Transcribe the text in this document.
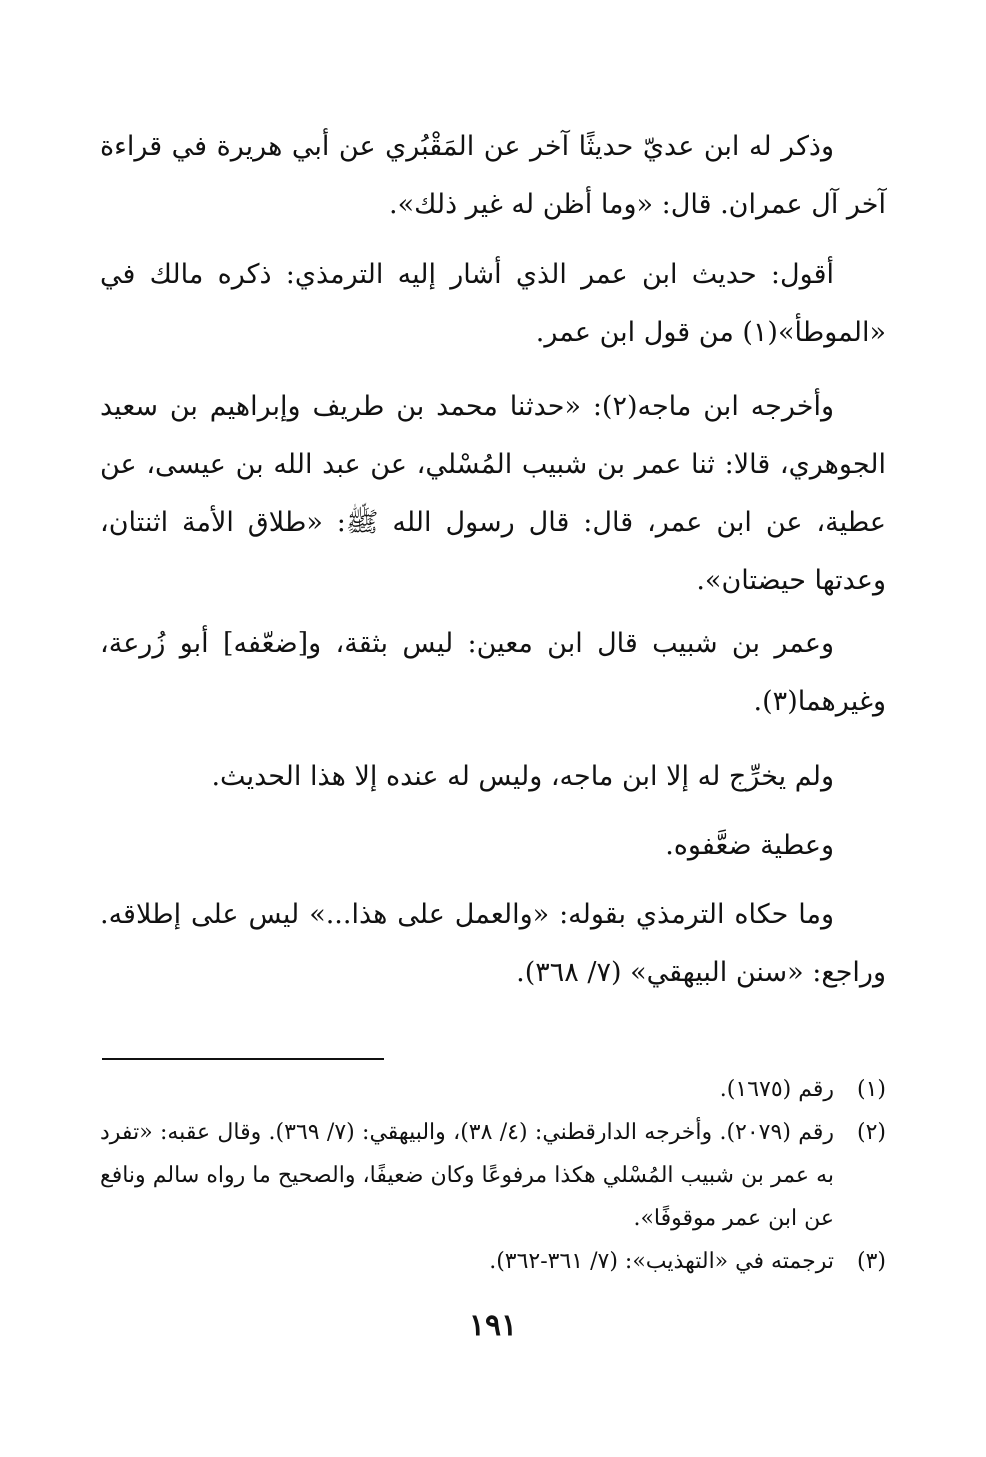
وذكر له ابن عديّ حديثًا آخر عن المَقْبُري عن أبي هريرة في قراءة آخر آل عمران. قال: «وما أظن له غير ذلك».

أقول: حديث ابن عمر الذي أشار إليه الترمذي: ذكره مالك في «الموطأ»(١) من قول ابن عمر.

وأخرجه ابن ماجه(٢): «حدثنا محمد بن طريف وإبراهيم بن سعيد الجوهري، قالا: ثنا عمر بن شبيب المُسْلي، عن عبد الله بن عيسى، عن عطية، عن ابن عمر، قال: قال رسول الله ﷺ: «طلاق الأمة اثنتان، وعدتها حيضتان».

وعمر بن شبيب قال ابن معين: ليس بثقة، و[ضعّفه] أبو زُرعة، وغيرهما(٣).

ولم يخرِّج له إلا ابن ماجه، وليس له عنده إلا هذا الحديث.

وعطية ضعَّفوه.

وما حكاه الترمذي بقوله: «والعمل على هذا...» ليس على إطلاقه. وراجع: «سنن البيهقي» (٧/ ٣٦٨).

(١)رقم (١٦٧٥).

(٢)رقم (٢٠٧٩). وأخرجه الدارقطني: (٤/ ٣٨)، والبيهقي: (٧/ ٣٦٩). وقال عقبه: «تفرد به عمر بن شبيب المُسْلي هكذا مرفوعًا وكان ضعيفًا، والصحيح ما رواه سالم ونافع عن ابن عمر موقوفًا».

(٣)ترجمته في «التهذيب»: (٧/ ٣٦١-٣٦٢).

١٩١
